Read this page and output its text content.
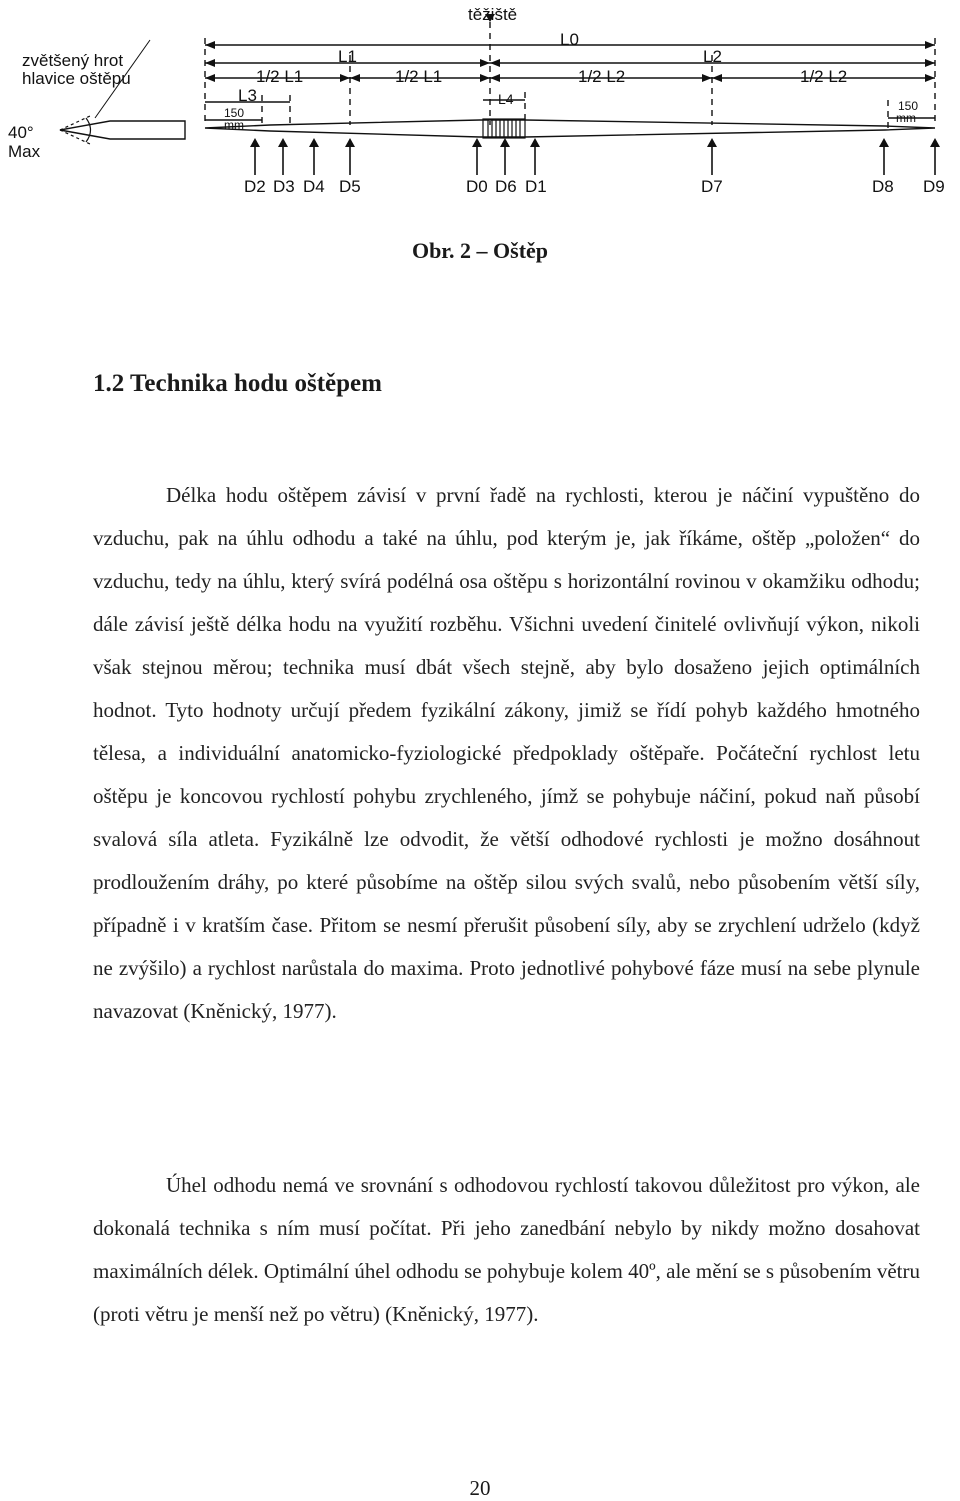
těžiště
L0
L1	L2
1/2 L1	1/2 L1	1/2 L2	1/2 L2
L3	L4
zvětšený hrot
hlavice oštěpu
40°
Max
150
mm
150
mm
D2 D3 D4 D5	D0 D6 D1	D7	D8 D9
Obr. 2 – Oštěp
1.2 Technika hodu oštěpem

Délka hodu oštěpem závisí v první řadě na rychlosti, kterou je náčiní vypuštěno do vzduchu, pak na úhlu odhodu a také na úhlu, pod kterým je, jak říkáme, oštěp „položen“ do vzduchu, tedy na úhlu, který svírá podélná osa oštěpu s horizontální rovinou v okamžiku odhodu; dále závisí ještě délka hodu na využití rozběhu. Všichni uvedení činitelé ovlivňují výkon, nikoli však stejnou měrou; technika musí dbát všech stejně, aby bylo dosaženo jejich optimálních hodnot. Tyto hodnoty určují předem fyzikální zákony, jimiž se řídí pohyb každého hmotného tělesa, a individuální anatomicko-fyziologické předpoklady oštěpaře. Počáteční rychlost letu oštěpu je koncovou rychlostí pohybu zrychleného, jímž se pohybuje náčiní, pokud naň působí svalová síla atleta. Fyzikálně lze odvodit, že větší odhodové rychlosti je možno dosáhnout prodloužením dráhy, po které působíme na oštěp silou svých svalů, nebo působením větší síly, případně i v kratším čase. Přitom se nesmí přerušit působení síly, aby se zrychlení udrželo (když ne zvýšilo) a rychlost narůstala do maxima. Proto jednotlivé pohybové fáze musí na sebe plynule navazovat (Kněnický, 1977).

Úhel odhodu nemá ve srovnání s odhodovou rychlostí takovou důležitost pro výkon, ale dokonalá technika s ním musí počítat. Při jeho zanedbání nebylo by nikdy možno dosahovat maximálních délek. Optimální úhel odhodu se pohybuje kolem 40º, ale mění se s působením větru (proti větru je menší než po větru) (Kněnický, 1977).

20
